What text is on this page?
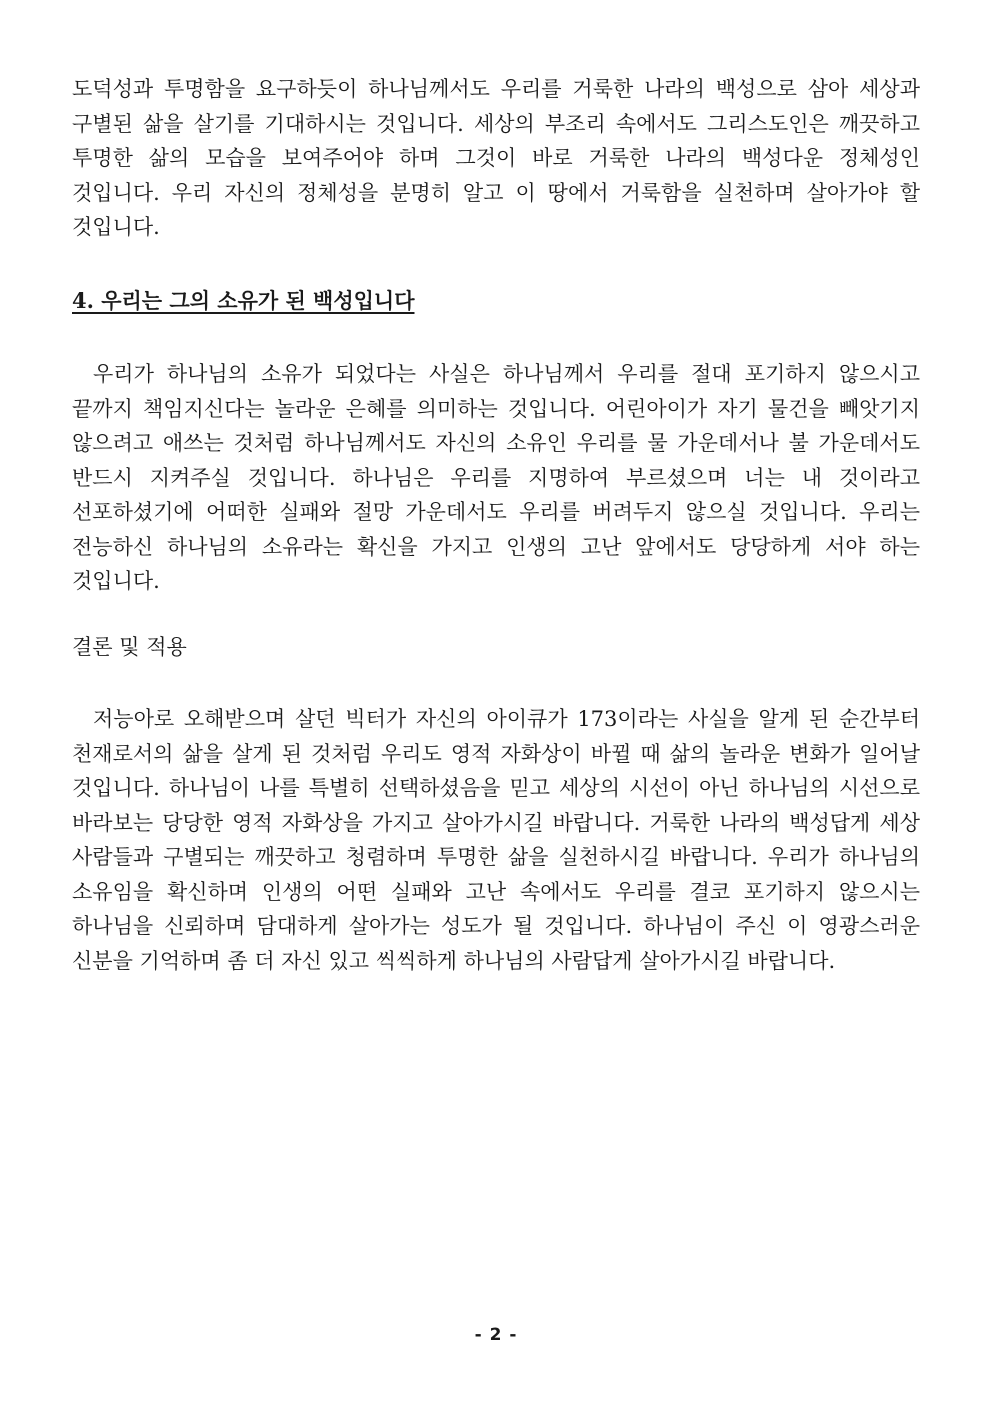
도덕성과 투명함을 요구하듯이 하나님께서도 우리를 거룩한 나라의 백성으로 삼아 세상과 구별된 삶을 살기를 기대하시는 것입니다. 세상의 부조리 속에서도 그리스도인은 깨끗하고 투명한 삶의 모습을 보여주어야 하며 그것이 바로 거룩한 나라의 백성다운 정체성인 것입니다. 우리 자신의 정체성을 분명히 알고 이 땅에서 거룩함을 실천하며 살아가야 할 것입니다.

4. 우리는 그의 소유가 된 백성입니다

우리가 하나님의 소유가 되었다는 사실은 하나님께서 우리를 절대 포기하지 않으시고 끝까지 책임지신다는 놀라운 은혜를 의미하는 것입니다. 어린아이가 자기 물건을 빼앗기지 않으려고 애쓰는 것처럼 하나님께서도 자신의 소유인 우리를 물 가운데서나 불 가운데서도 반드시 지켜주실 것입니다. 하나님은 우리를 지명하여 부르셨으며 너는 내 것이라고 선포하셨기에 어떠한 실패와 절망 가운데서도 우리를 버려두지 않으실 것입니다. 우리는 전능하신 하나님의 소유라는 확신을 가지고 인생의 고난 앞에서도 당당하게 서야 하는 것입니다.

결론 및 적용

저능아로 오해받으며 살던 빅터가 자신의 아이큐가 173이라는 사실을 알게 된 순간부터 천재로서의 삶을 살게 된 것처럼 우리도 영적 자화상이 바뀔 때 삶의 놀라운 변화가 일어날 것입니다. 하나님이 나를 특별히 선택하셨음을 믿고 세상의 시선이 아닌 하나님의 시선으로 바라보는 당당한 영적 자화상을 가지고 살아가시길 바랍니다. 거룩한 나라의 백성답게 세상 사람들과 구별되는 깨끗하고 청렴하며 투명한 삶을 실천하시길 바랍니다. 우리가 하나님의 소유임을 확신하며 인생의 어떤 실패와 고난 속에서도 우리를 결코 포기하지 않으시는 하나님을 신뢰하며 담대하게 살아가는 성도가 될 것입니다. 하나님이 주신 이 영광스러운 신분을 기억하며 좀 더 자신 있고 씩씩하게 하나님의 사람답게 살아가시길 바랍니다.

- 2 -
